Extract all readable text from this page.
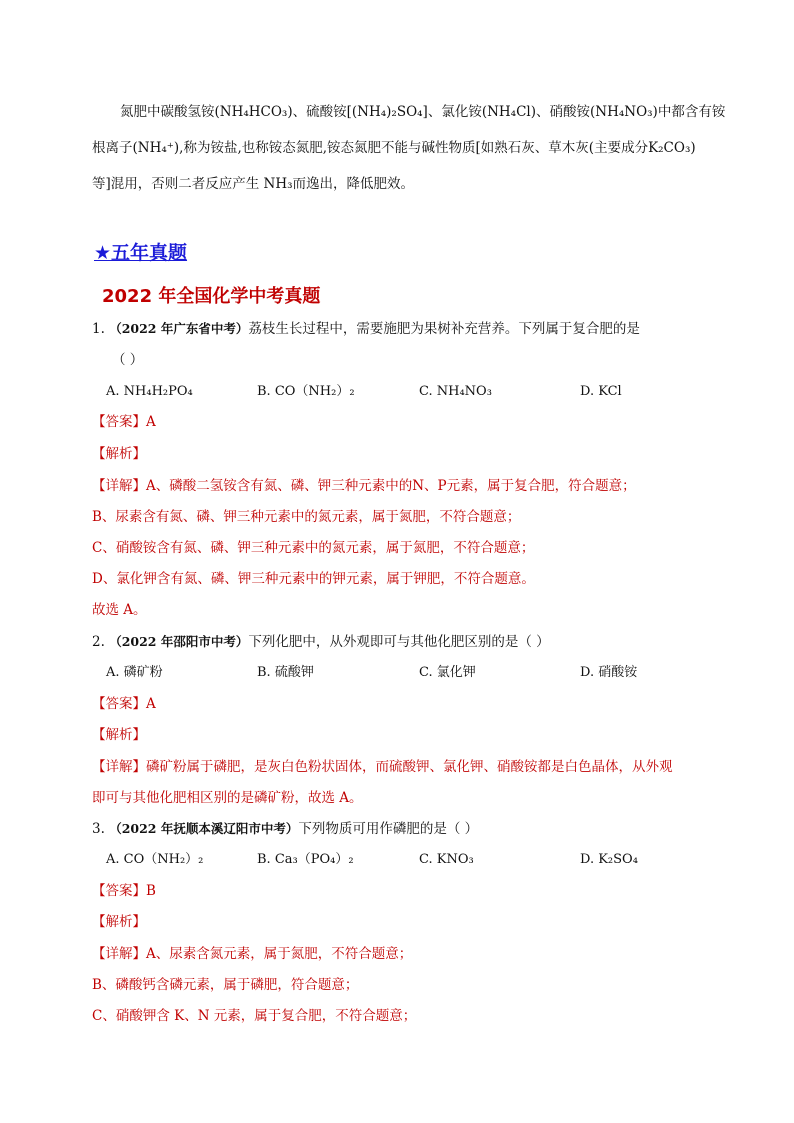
氮肥中碳酸氢铵(NH₄HCO₃)、硫酸铵[(NH₄)₂SO₄]、氯化铵(NH₄Cl)、硝酸铵(NH₄NO₃)中都含有铵
根离子(NH₄⁺),称为铵盐,也称铵态氮肥,铵态氮肥不能与碱性物质[如熟石灰、草木灰(主要成分K₂CO₃)
等]混用，否则二者反应产生 NH₃而逸出，降低肥效。
★五年真题
2022 年全国化学中考真题
1. （2022 年广东省中考）荔枝生长过程中，需要施肥为果树补充营养。下列属于复合肥的是
（ ）
A. NH₄H₂PO₄	B. CO（NH₂）₂	C. NH₄NO₃	D. KCl
【答案】A
【解析】
【详解】A、磷酸二氢铵含有氮、磷、钾三种元素中的N、P元素，属于复合肥，符合题意；
B、尿素含有氮、磷、钾三种元素中的氮元素，属于氮肥，不符合题意；
C、硝酸铵含有氮、磷、钾三种元素中的氮元素，属于氮肥，不符合题意；
D、氯化钾含有氮、磷、钾三种元素中的钾元素，属于钾肥，不符合题意。
故选 A。
2. （2022 年邵阳市中考）下列化肥中，从外观即可与其他化肥区别的是（ ）
A. 磷矿粉	B. 硫酸钾	C. 氯化钾	D. 硝酸铵
【答案】A
【解析】
【详解】磷矿粉属于磷肥，是灰白色粉状固体，而硫酸钾、氯化钾、硝酸铵都是白色晶体，从外观
即可与其他化肥相区别的是磷矿粉，故选 A。
3. （2022 年抚顺本溪辽阳市中考）下列物质可用作磷肥的是（ ）
A. CO（NH₂）₂	B. Ca₃（PO₄）₂	C. KNO₃	D. K₂SO₄
【答案】B
【解析】
【详解】A、尿素含氮元素，属于氮肥，不符合题意；
B、磷酸钙含磷元素，属于磷肥，符合题意；
C、硝酸钾含 K、N 元素，属于复合肥，不符合题意；
